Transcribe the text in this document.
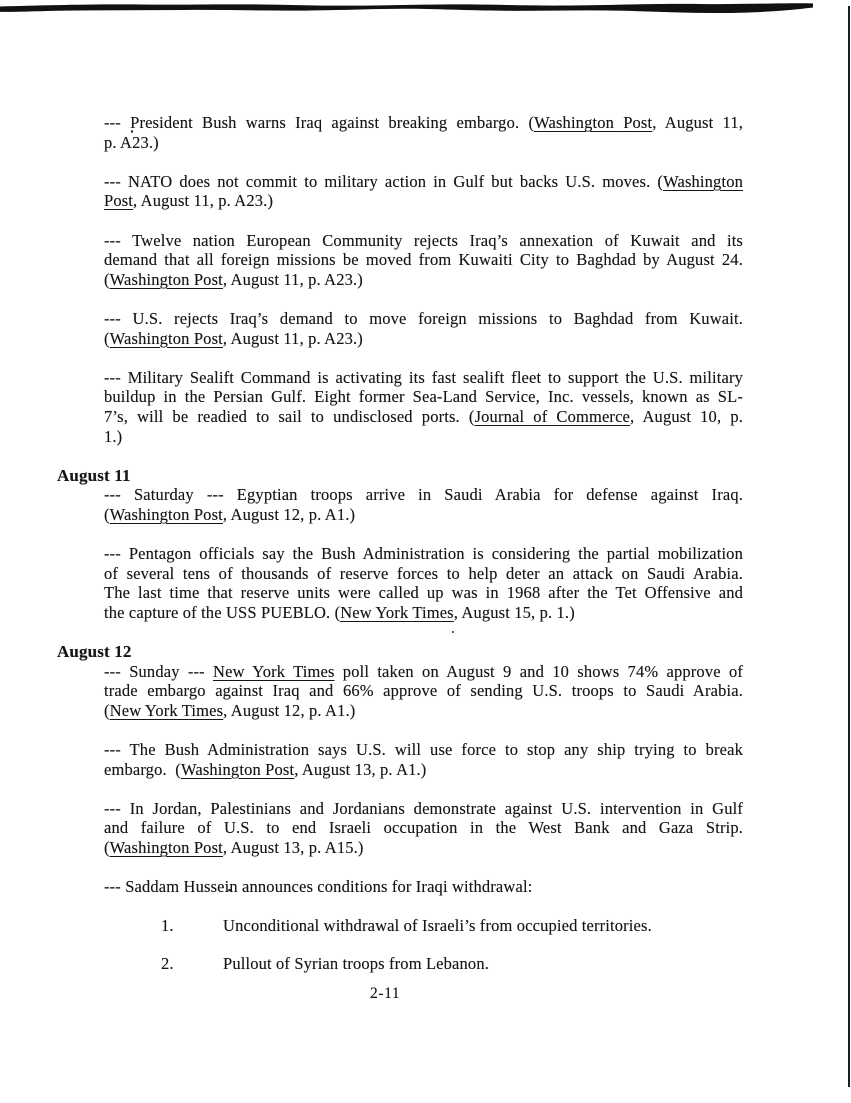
--- President Bush warns Iraq against breaking embargo. (Washington Post, August 11,
p. A23.)
--- NATO does not commit to military action in Gulf but backs U.S. moves. (Washington
Post, August 11, p. A23.)
--- Twelve nation European Community rejects Iraq’s annexation of Kuwait and its
demand that all foreign missions be moved from Kuwaiti City to Baghdad by August 24.
(Washington Post, August 11, p. A23.)
--- U.S. rejects Iraq’s demand to move foreign missions to Baghdad from Kuwait.
(Washington Post, August 11, p. A23.)
--- Military Sealift Command is activating its fast sealift fleet to support the U.S. military
buildup in the Persian Gulf. Eight former Sea-Land Service, Inc. vessels, known as SL-
7’s, will be readied to sail to undisclosed ports. (Journal of Commerce, August 10, p.
1.)
August 11
--- Saturday --- Egyptian troops arrive in Saudi Arabia for defense against Iraq.
(Washington Post, August 12, p. A1.)
--- Pentagon officials say the Bush Administration is considering the partial mobilization
of several tens of thousands of reserve forces to help deter an attack on Saudi Arabia.
The last time that reserve units were called up was in 1968 after the Tet Offensive and
the capture of the USS PUEBLO. (New York Times, August 15, p. 1.)
August 12
--- Sunday --- New York Times poll taken on August 9 and 10 shows 74% approve of
trade embargo against Iraq and 66% approve of sending U.S. troops to Saudi Arabia.
(New York Times, August 12, p. A1.)
--- The Bush Administration says U.S. will use force to stop any ship trying to break
embargo.  (Washington Post, August 13, p. A1.)
--- In Jordan, Palestinians and Jordanians demonstrate against U.S. intervention in Gulf
and failure of U.S. to end Israeli occupation in the West Bank and Gaza Strip.
(Washington Post, August 13, p. A15.)
--- Saddam Hussein announces conditions for Iraqi withdrawal:
1.	Unconditional withdrawal of Israeli’s from occupied territories.
2.	Pullout of Syrian troops from Lebanon.
2-11
